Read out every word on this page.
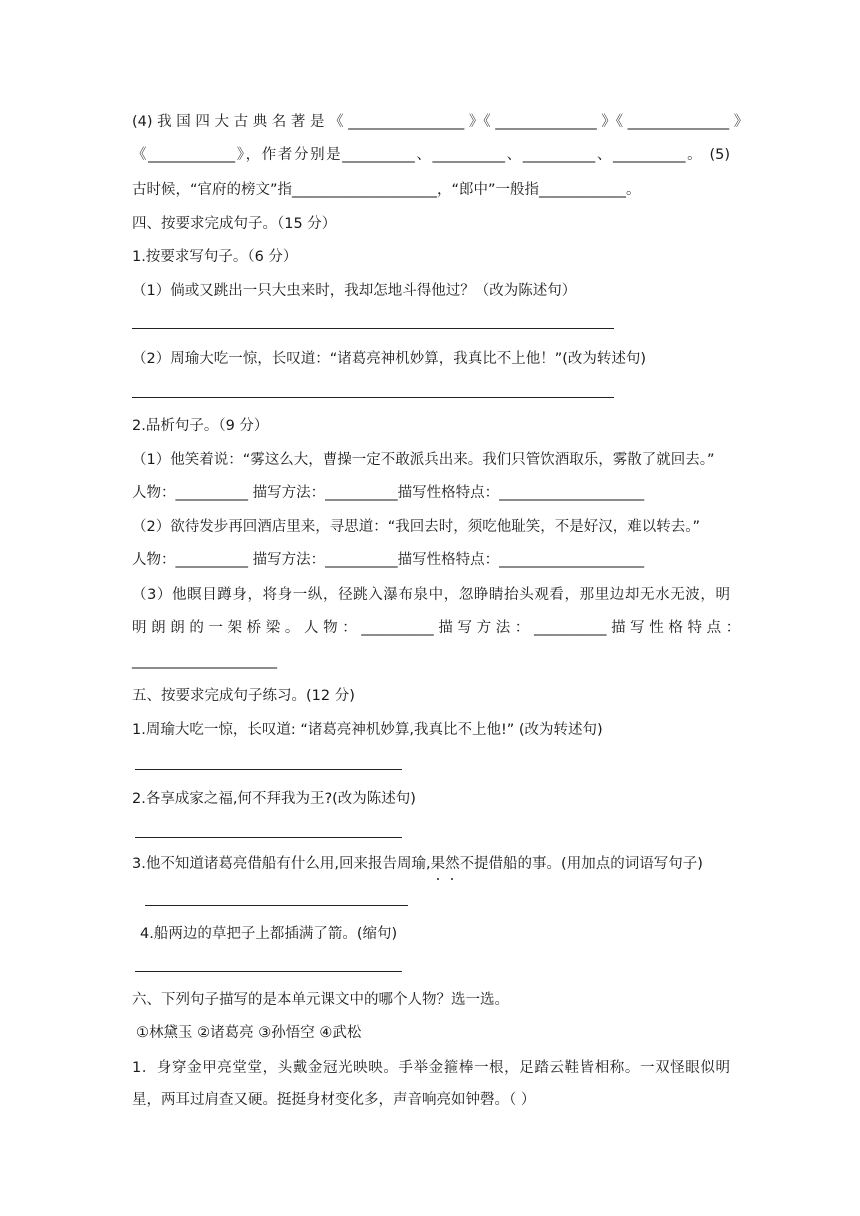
(4) 我 国 四 大 古 典 名 著 是 《 ________________ 》《 ______________ 》《 ______________ 》
《____________》，作者分别是__________、__________、__________、__________。 (5)
古时候，“官府的榜文”指____________________，“郎中”一般指____________。
四、按要求完成句子。（15 分）
1.按要求写句子。（6 分）
（1）倘或又跳出一只大虫来时，我却怎地斗得他过？（改为陈述句）
（2）周瑜大吃一惊，长叹道：“诸葛亮神机妙算，我真比不上他！”(改为转述句)
2.品析句子。（9 分）
（1）他笑着说：“雾这么大，曹操一定不敢派兵出来。我们只管饮酒取乐，雾散了就回去。”
人物：__________ 描写方法：__________描写性格特点：____________________
（2）欲待发步再回酒店里来，寻思道：“我回去时，须吃他耻笑，不是好汉，难以转去。”
人物：__________ 描写方法：__________描写性格特点：____________________
（3）他瞑目蹲身，将身一纵，径跳入瀑布泉中，忽睁睛抬头观看，那里边却无水无波，明
明 朗 朗 的 一 架 桥 梁 。 人 物 ： __________ 描 写 方 法 ： __________ 描 写 性 格 特 点 ：
____________________
五、按要求完成句子练习。(12 分)
1.周瑜大吃一惊，长叹道: “诸葛亮神机妙算,我真比不上他!” (改为转述句)
2.各享成家之福,何不拜我为王?(改为陈述句)
3.他不知道诸葛亮借船有什么用,回来报告周瑜,果然不提借船的事。(用加点的词语写句子)
4.船两边的草把子上都插满了箭。(缩句)
六、下列句子描写的是本单元课文中的哪个人物？选一选。
①林黛玉 ②诸葛亮 ③孙悟空 ④武松
1．身穿金甲亮堂堂，头戴金冠光映映。手举金箍棒一根，足踏云鞋皆相称。一双怪眼似明
星，两耳过肩查又硬。挺挺身材变化多，声音响亮如钟磬。（ ）
